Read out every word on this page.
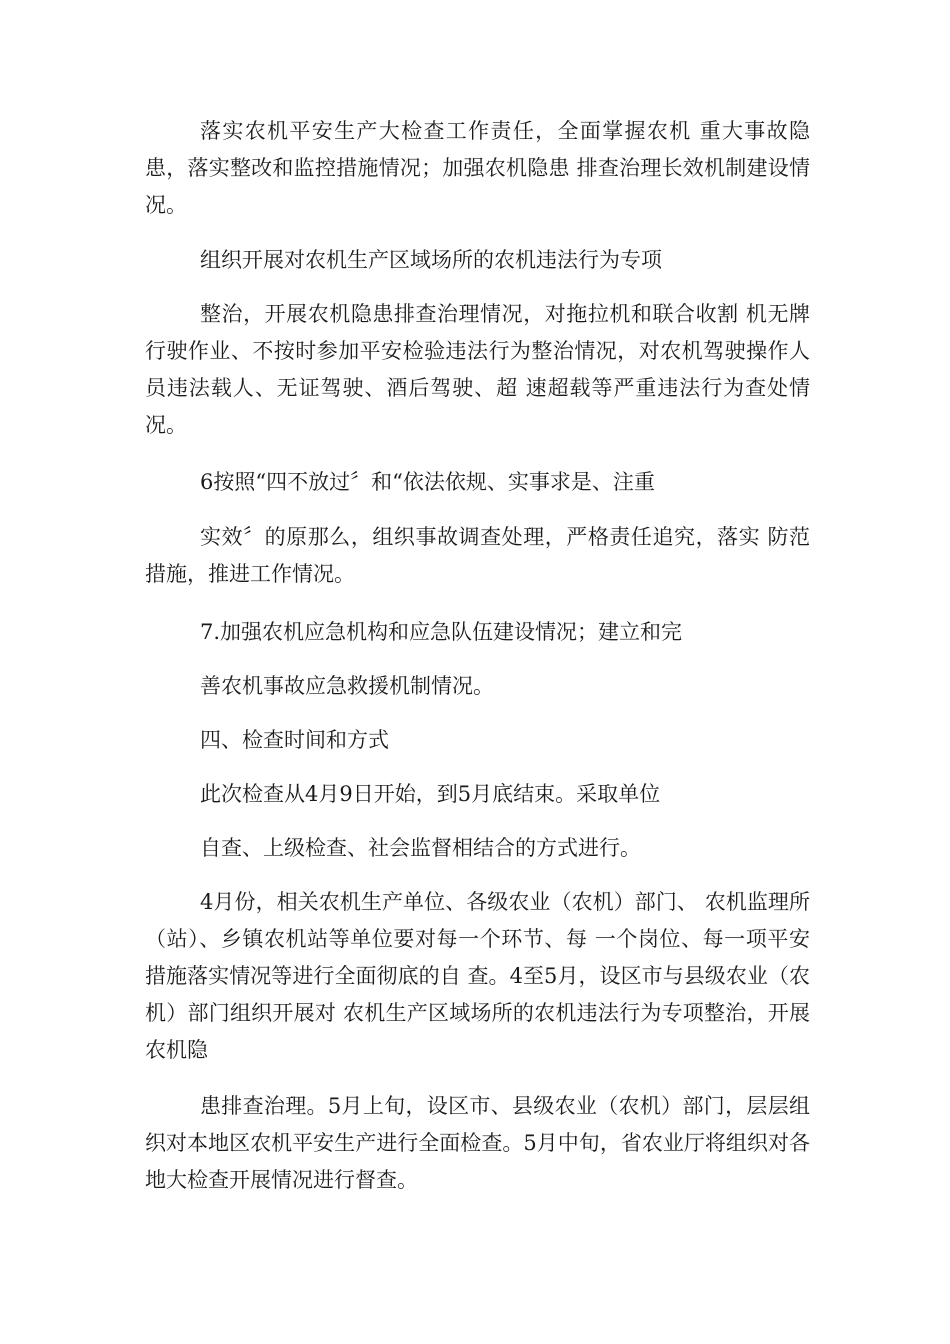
落实农机平安生产大检查工作责任，全面掌握农机 重大事故隐患，落实整改和监控措施情况；加强农机隐患 排查治理长效机制建设情况。

组织开展对农机生产区域场所的农机违法行为专项

整治，开展农机隐患排查治理情况，对拖拉机和联合收割 机无牌行驶作业、不按时参加平安检验违法行为整治情况，对农机驾驶操作人员违法载人、无证驾驶、酒后驾驶、超 速超载等严重违法行为查处情况。

6按照“四不放过〞和“依法依规、实事求是、注重

实效〞的原那么，组织事故调查处理，严格责任追究，落实 防范措施，推进工作情况。

7.加强农机应急机构和应急队伍建设情况；建立和完

善农机事故应急救援机制情况。

四、检查时间和方式

此次检查从4月9日开始，到5月底结束。采取单位

自查、上级检查、社会监督相结合的方式进行。

4月份，相关农机生产单位、各级农业（农机）部门、 农机监理所（站）、乡镇农机站等单位要对每一个环节、每 一个岗位、每一项平安措施落实情况等进行全面彻底的自 查。4至5月，设区市与县级农业（农机）部门组织开展对 农机生产区域场所的农机违法行为专项整治，开展农机隐

患排查治理。5月上旬，设区市、县级农业（农机）部门，层层组织对本地区农机平安生产进行全面检查。5月中旬，省农业厅将组织对各地大检查开展情况进行督查。
